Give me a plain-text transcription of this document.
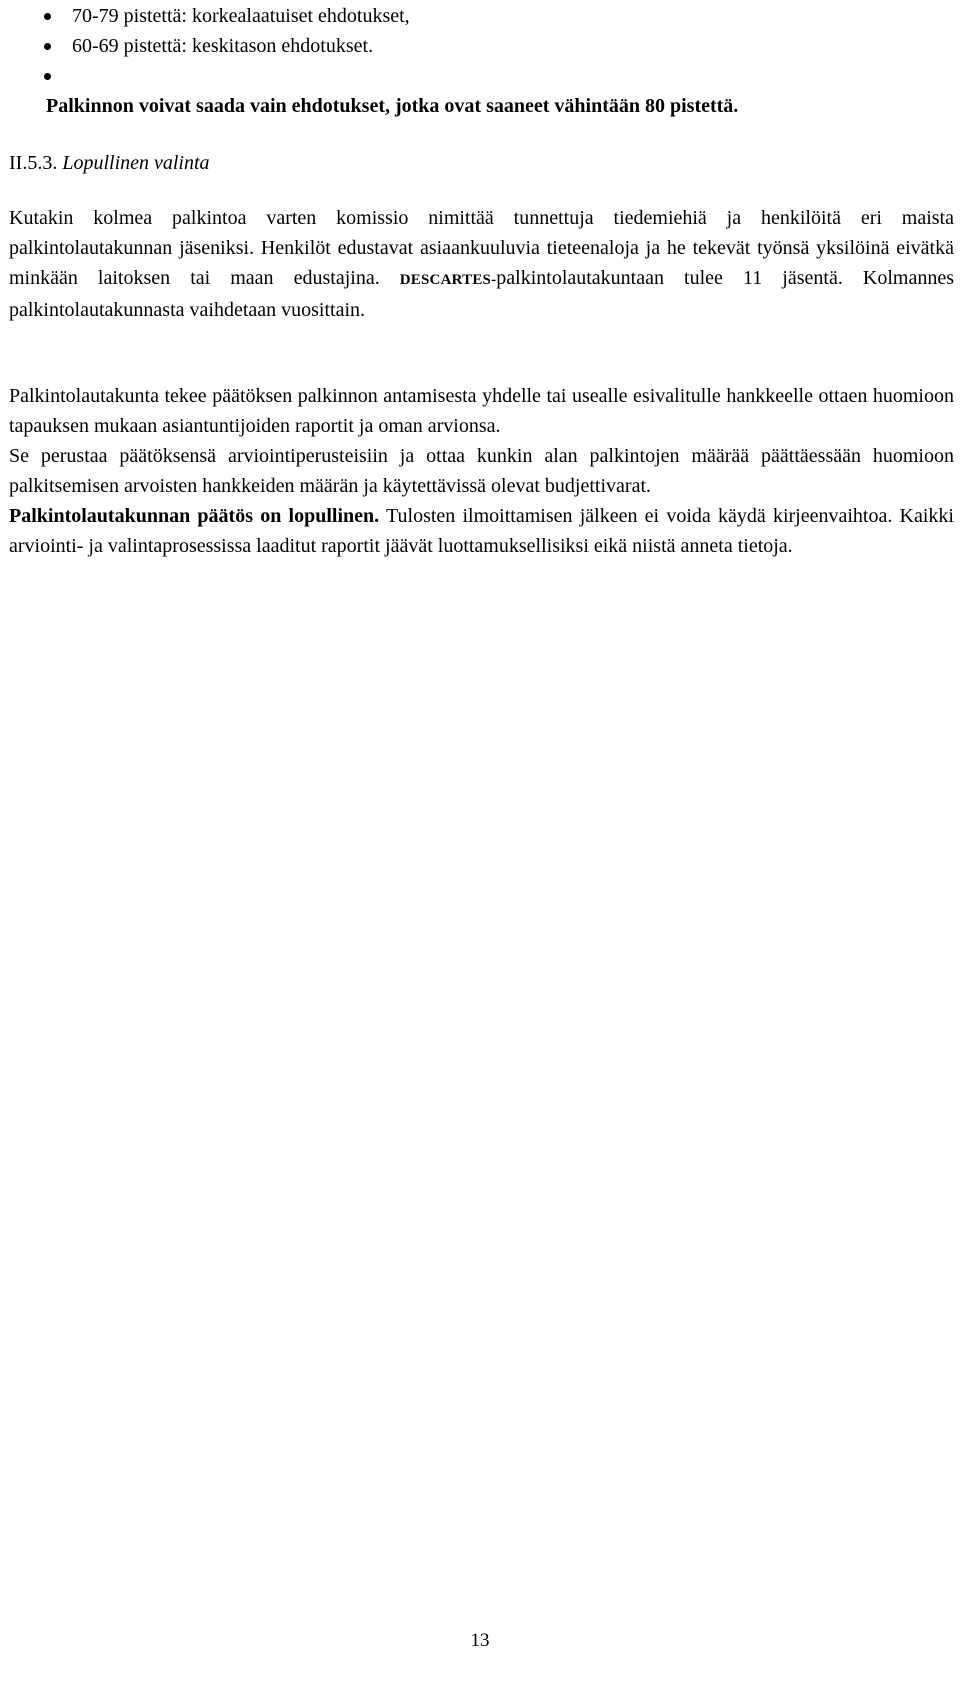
70-79 pistettä: korkealaatuiset ehdotukset,
60-69 pistettä: keskitason ehdotukset.
Palkinnon voivat saada vain ehdotukset, jotka ovat saaneet vähintään 80 pistettä.
II.5.3. Lopullinen valinta
Kutakin kolmea palkintoa varten komissio nimittää tunnettuja tiedemiehiä ja henkilöitä eri maista palkintolautakunnan jäseniksi. Henkilöt edustavat asiaankuuluvia tieteenaloja ja he tekevät työnsä yksilöinä eivätkä minkään laitoksen tai maan edustajina. DESCARTES-palkintolautakuntaan tulee 11 jäsentä. Kolmannes palkintolautakunnasta vaihdetaan vuosittain.
Palkintolautakunta tekee päätöksen palkinnon antamisesta yhdelle tai usealle esivalitulle hankkeelle ottaen huomioon tapauksen mukaan asiantuntijoiden raportit ja oman arvionsa.
Se perustaa päätöksensä arviointiperusteisiin ja ottaa kunkin alan palkintojen määrää päättäessään huomioon palkitsemisen arvoisten hankkeiden määrän ja käytettävissä olevat budjettivarat.
Palkintolautakunnan päätös on lopullinen. Tulosten ilmoittamisen jälkeen ei voida käydä kirjeenvaihtoa. Kaikki arviointi- ja valintaprosessissa laaditut raportit jäävät luottamuksellisiksi eikä niistä anneta tietoja.
13
